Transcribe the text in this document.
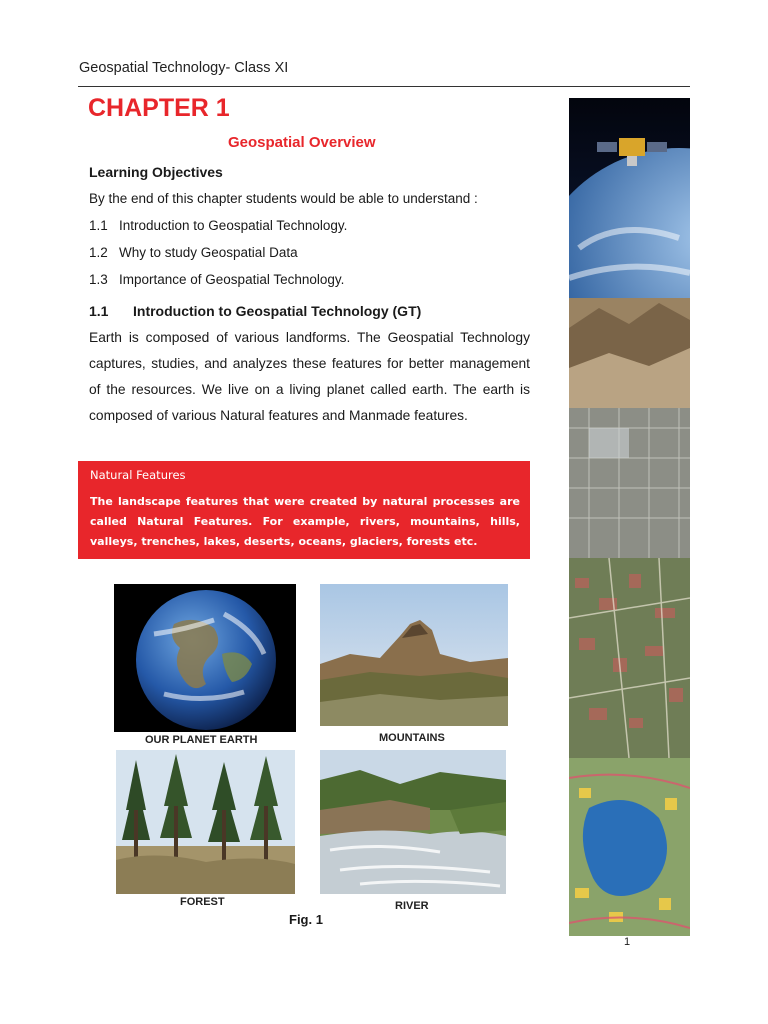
Geospatial Technology- Class XI
CHAPTER 1
Geospatial Overview
Learning Objectives
By the end of this chapter students would be able to understand :
1.1 Introduction to Geospatial Technology.
1.2 Why to study Geospatial Data
1.3 Importance of Geospatial Technology.
1.1 Introduction to Geospatial Technology (GT)
Earth is composed of various landforms. The Geospatial Technology captures, studies, and analyzes these features for better management of the resources. We live on a living planet called earth. The earth is composed of various Natural features and Manmade features.
Natural Features
The landscape features that were created by natural processes are called Natural Features. For example, rivers, mountains, hills, valleys, trenches, lakes, deserts, oceans, glaciers, forests etc.
OUR PLANET EARTH	MOUNTAINS
FOREST	RIVER
Fig. 1
1
